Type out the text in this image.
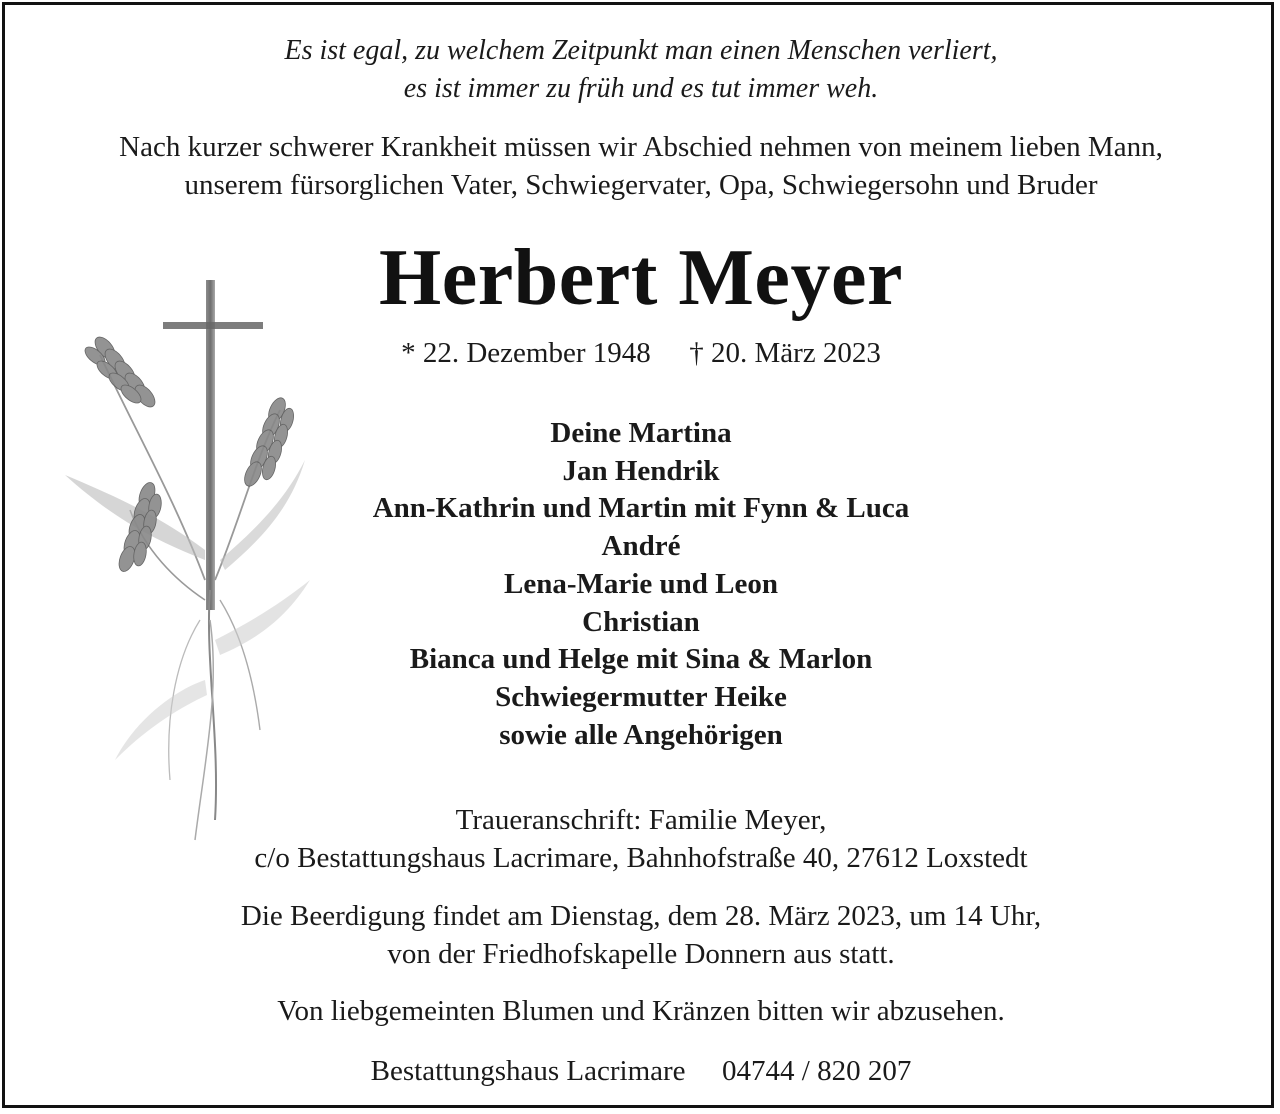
Es ist egal, zu welchem Zeitpunkt man einen Menschen verliert,
es ist immer zu früh und es tut immer weh.
Nach kurzer schwerer Krankheit müssen wir Abschied nehmen von meinem lieben Mann,
unserem fürsorglichen Vater, Schwiegervater, Opa, Schwiegersohn und Bruder
Herbert Meyer
* 22. Dezember 1948 † 20. März 2023
Deine Martina
Jan Hendrik
Ann-Kathrin und Martin mit Fynn & Luca
André
Lena-Marie und Leon
Christian
Bianca und Helge mit Sina & Marlon
Schwiegermutter Heike
sowie alle Angehörigen
Traueranschrift: Familie Meyer,
c/o Bestattungshaus Lacrimare, Bahnhofstraße 40, 27612 Loxstedt
Die Beerdigung findet am Dienstag, dem 28. März 2023, um 14 Uhr,
von der Friedhofskapelle Donnern aus statt.
Von liebgemeinten Blumen und Kränzen bitten wir abzusehen.
Bestattungshaus Lacrimare 04744 / 820 207
